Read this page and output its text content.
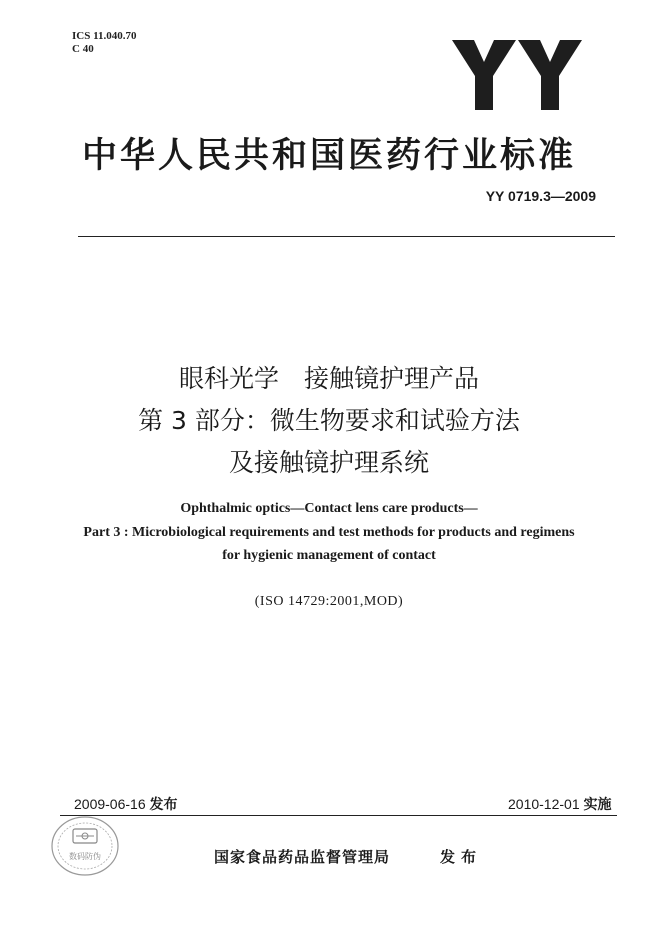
ICS 11.040.70
C 40
中华人民共和国医药行业标准
YY 0719.3—2009
眼科光学　接触镜护理产品
第 3 部分：微生物要求和试验方法
及接触镜护理系统
Ophthalmic optics—Contact lens care products—
Part 3 : Microbiological requirements and test methods for products and regimens
for hygienic management of contact
(ISO 14729:2001,MOD)
2009-06-16 发布	2010-12-01 实施
数码防伪	国家食品药品监督管理局	发布
